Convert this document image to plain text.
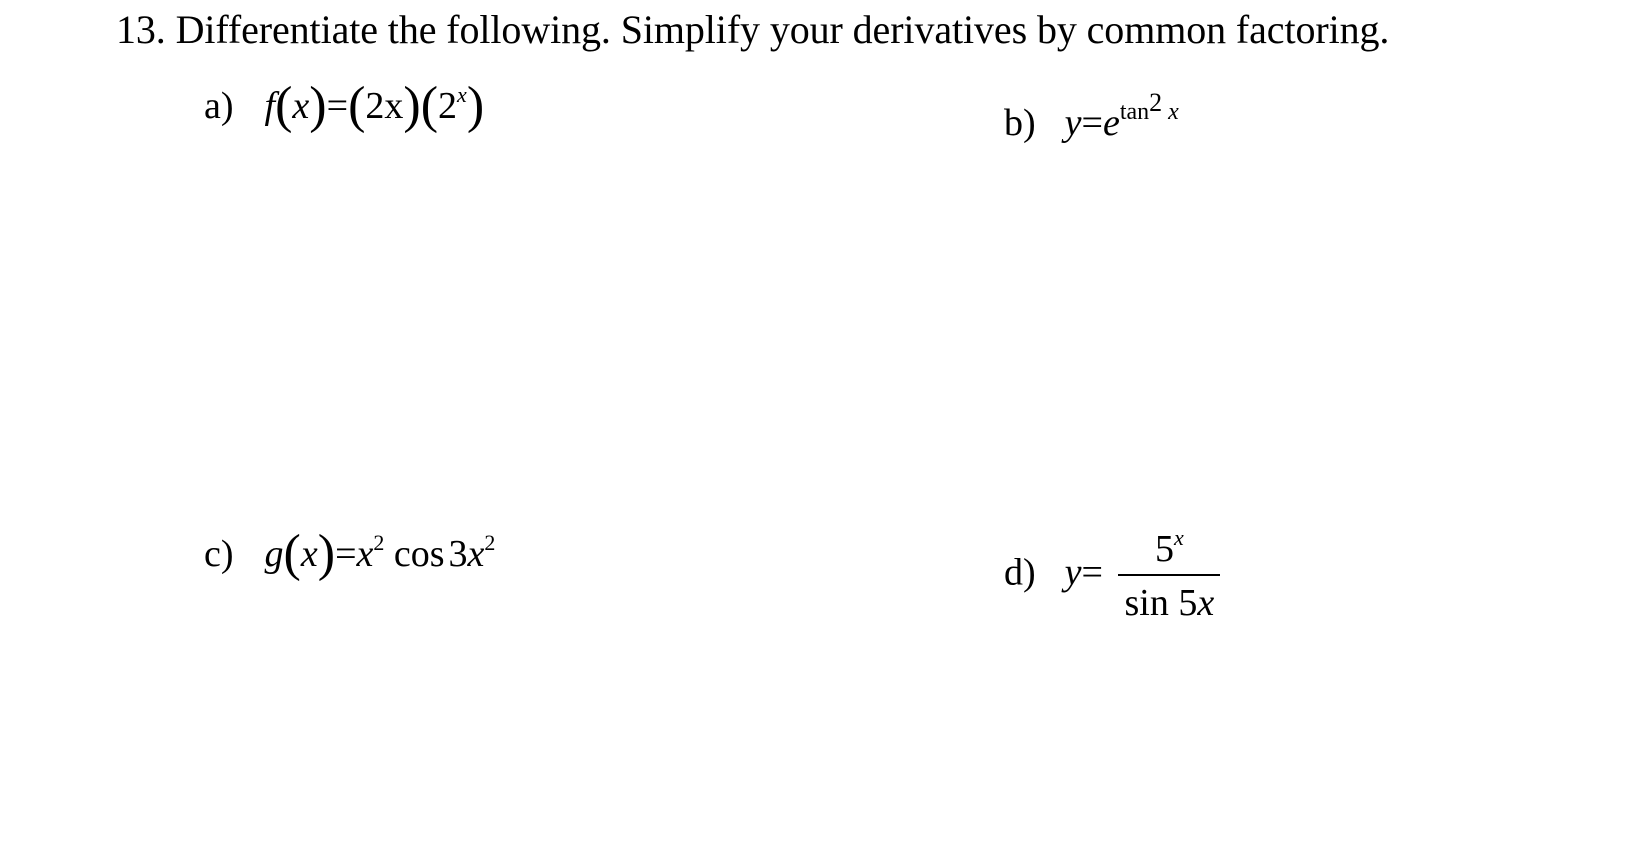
13. Differentiate the following. Simplify your derivatives by common factoring.
a) $f(x)=(2x)(2^x)$	b) y=etan2 x
c) $g(x)=x^2$ $\cos 3x^2$
d) $y= \frac{5^x}{\sin 5x}$
